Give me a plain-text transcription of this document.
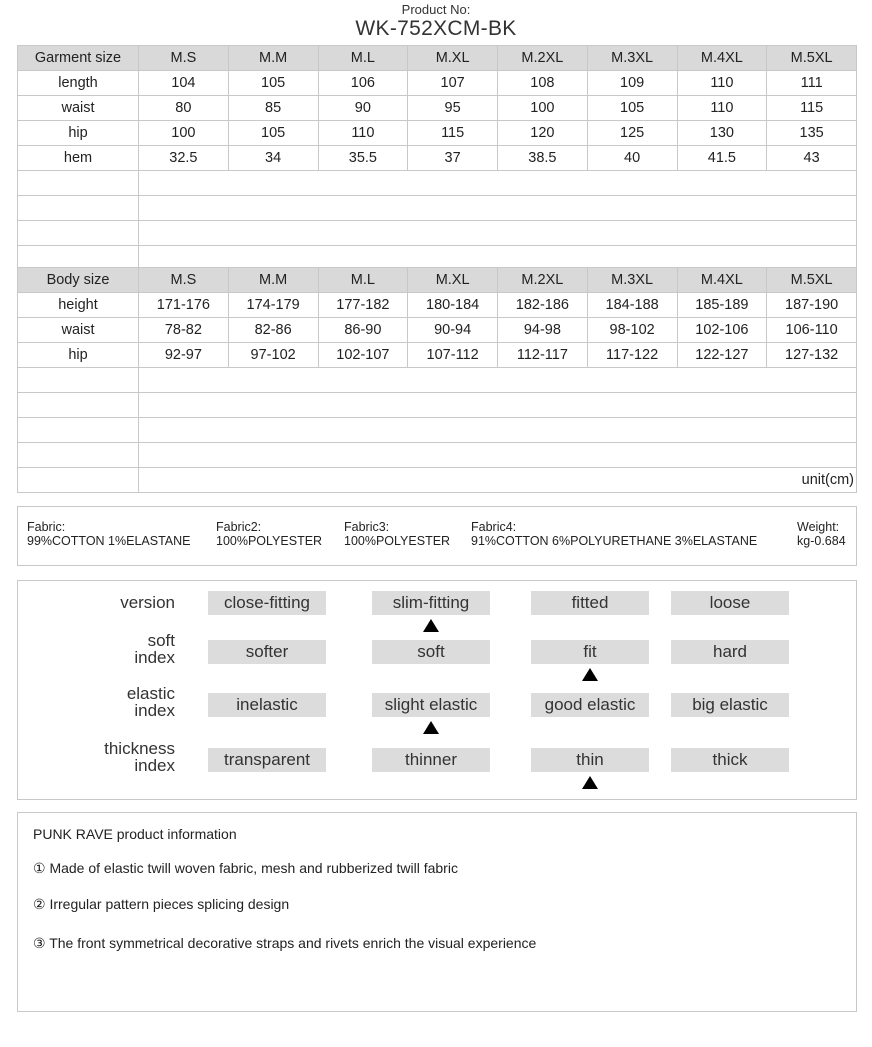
Product No:
WK-752XCM-BK
Garment size	M.S	M.M	M.L	M.XL	M.2XL	M.3XL	M.4XL	M.5XL
length	104	105	106	107	108	109	110	111
waist	80	85	90	95	100	105	110	115
hip	100	105	110	115	120	125	130	135
hem	32.5	34	35.5	37	38.5	40	41.5	43

Body size	M.S	M.M	M.L	M.XL	M.2XL	M.3XL	M.4XL	M.5XL
height	171-176	174-179	177-182	180-184	182-186	184-188	185-189	187-190
waist	78-82	82-86	86-90	90-94	94-98	98-102	102-106	106-110
hip	92-97	97-102	102-107	107-112	112-117	117-122	122-127	127-132

	unit(cm)							
Fabric:
99%COTTON 1%ELASTANE
Fabric2:
100%POLYESTER
Fabric3:
100%POLYESTER
Fabric4:
91%COTTON 6%POLYURETHANE 3%ELASTANE
Weight:
kg-0.684
version	close-fitting	slim-fitting	fitted	loose
soft
index	softer	soft	fit	hard
elastic
index	inelastic	slight elastic	good elastic	big elastic
thickness
index	transparent	thinner	thin	thick
PUNK RAVE product information
① Made of elastic twill woven fabric, mesh and rubberized twill fabric
② Irregular pattern pieces splicing design
③ The front symmetrical decorative straps and rivets enrich the visual experience
